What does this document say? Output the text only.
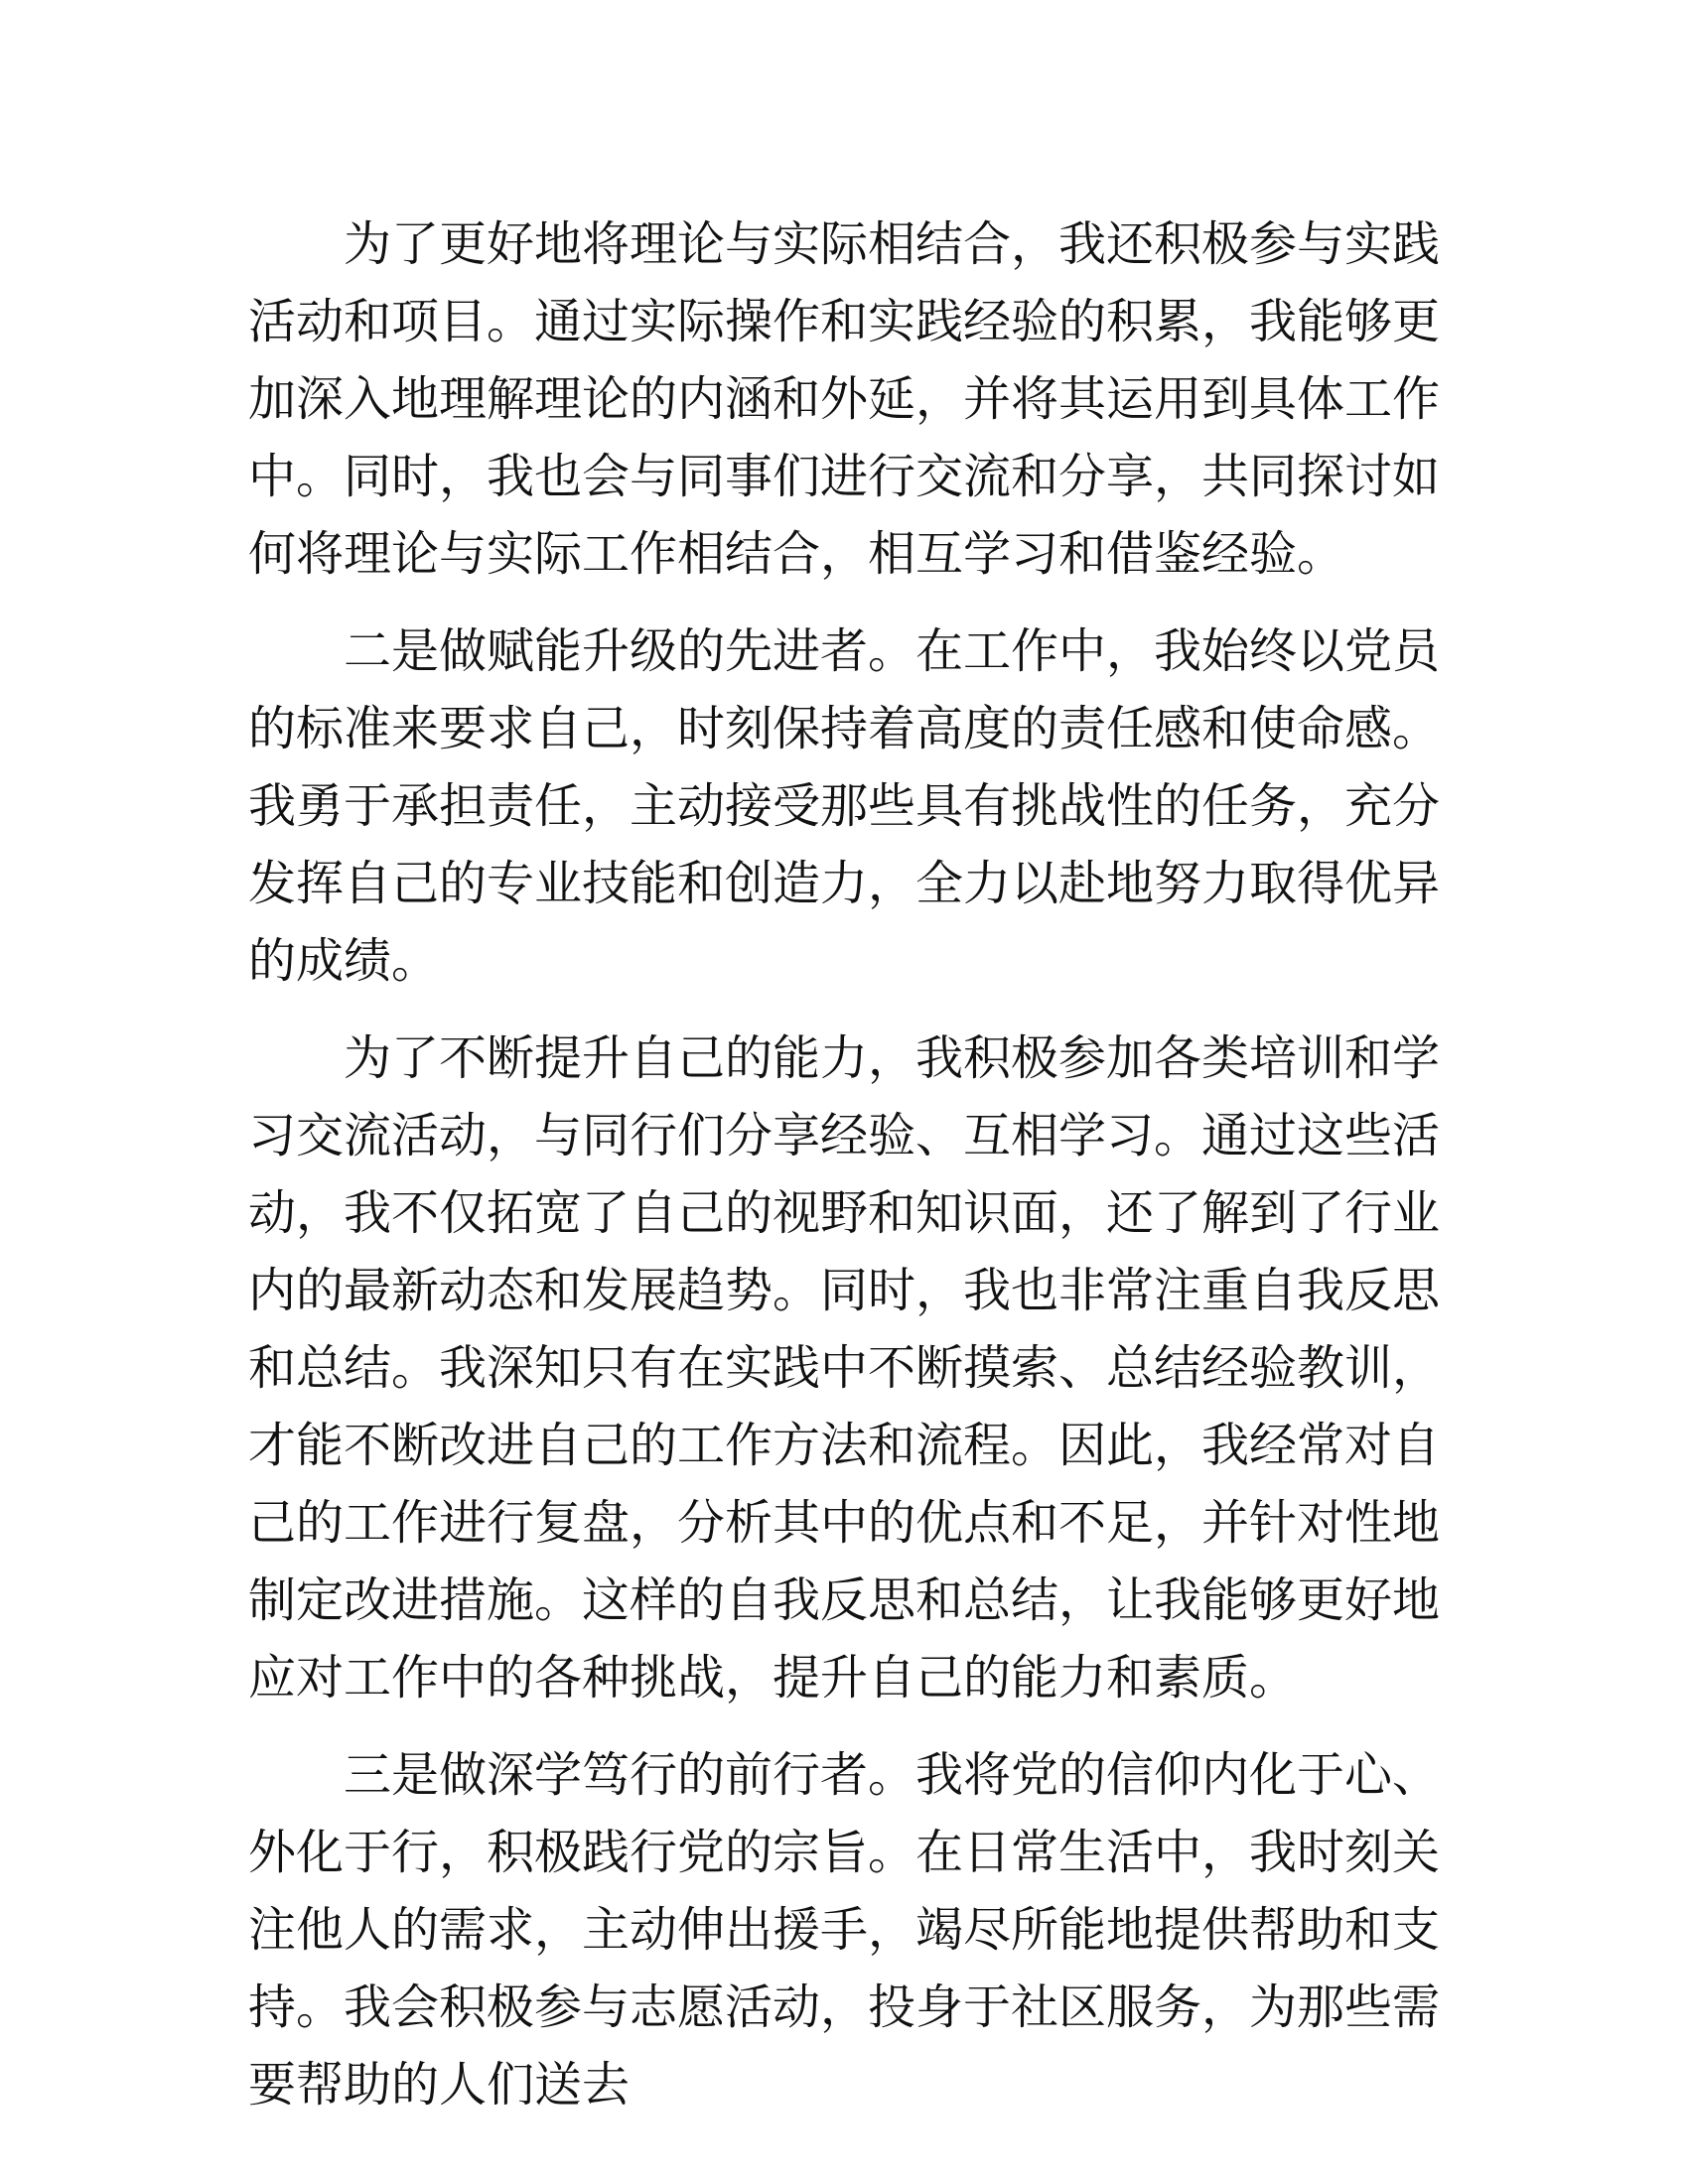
为了更好地将理论与实际相结合，我还积极参与实践活动和项目。通过实际操作和实践经验的积累，我能够更加深入地理解理论的内涵和外延，并将其运用到具体工作中。同时，我也会与同事们进行交流和分享，共同探讨如何将理论与实际工作相结合，相互学习和借鉴经验。

二是做赋能升级的先进者。在工作中，我始终以党员的标准来要求自己，时刻保持着高度的责任感和使命感。我勇于承担责任，主动接受那些具有挑战性的任务，充分发挥自己的专业技能和创造力，全力以赴地努力取得优异的成绩。

为了不断提升自己的能力，我积极参加各类培训和学习交流活动，与同行们分享经验、互相学习。通过这些活动，我不仅拓宽了自己的视野和知识面，还了解到了行业内的最新动态和发展趋势。同时，我也非常注重自我反思和总结。我深知只有在实践中不断摸索、总结经验教训，才能不断改进自己的工作方法和流程。因此，我经常对自己的工作进行复盘，分析其中的优点和不足，并针对性地制定改进措施。这样的自我反思和总结，让我能够更好地应对工作中的各种挑战，提升自己的能力和素质。

三是做深学笃行的前行者。我将党的信仰内化于心、外化于行，积极践行党的宗旨。在日常生活中，我时刻关注他人的需求，主动伸出援手，竭尽所能地提供帮助和支持。我会积极参与志愿活动，投身于社区服务，为那些需要帮助的人们送去
